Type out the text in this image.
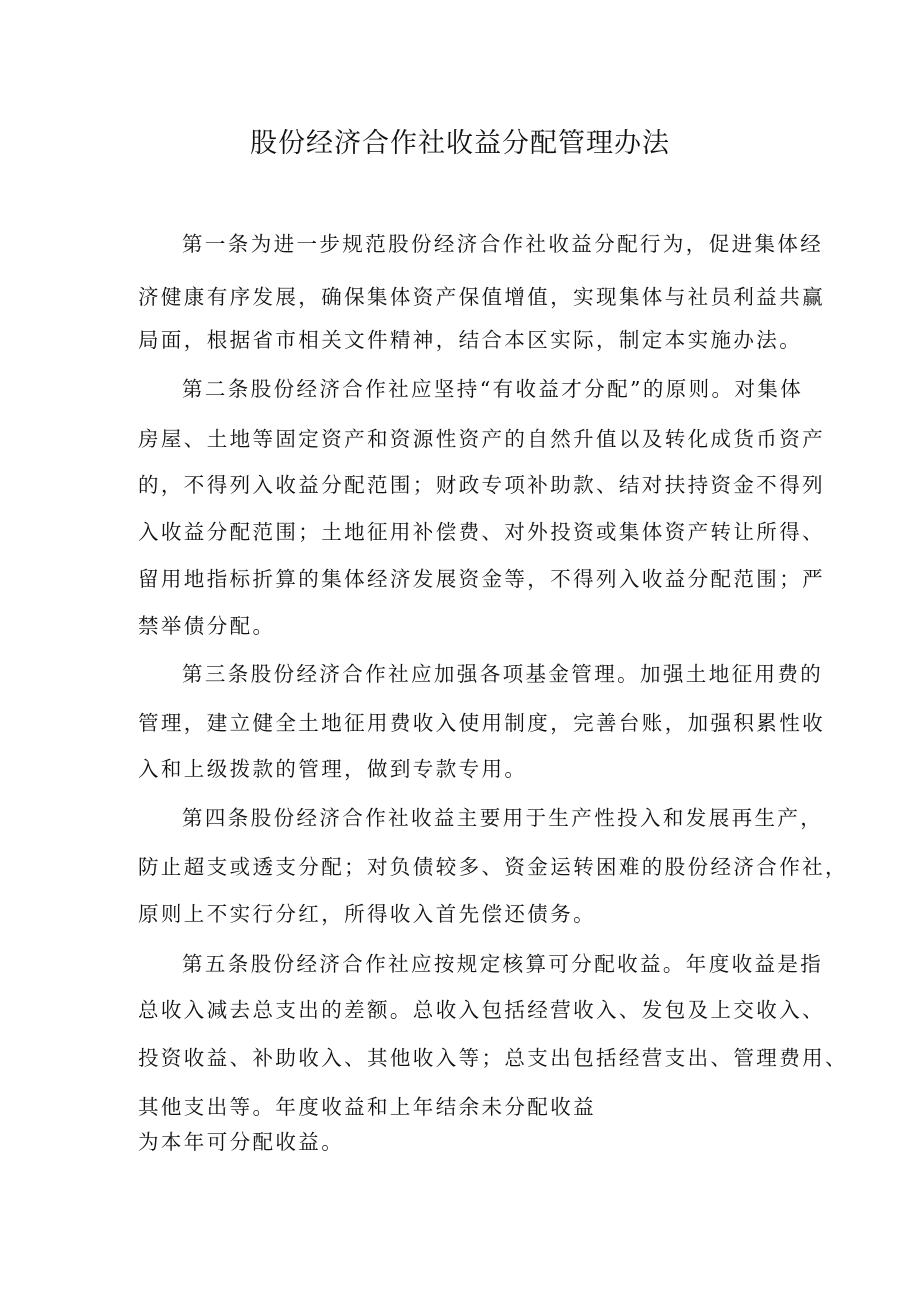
股份经济合作社收益分配管理办法
第一条为进一步规范股份经济合作社收益分配行为，促进集体经
济健康有序发展，确保集体资产保值增值，实现集体与社员利益共赢
局面，根据省市相关文件精神，结合本区实际，制定本实施办法。
第二条股份经济合作社应坚持“有收益才分配”的原则。对集体
房屋、土地等固定资产和资源性资产的自然升值以及转化成货币资产
的，不得列入收益分配范围；财政专项补助款、结对扶持资金不得列
入收益分配范围；土地征用补偿费、对外投资或集体资产转让所得、
留用地指标折算的集体经济发展资金等，不得列入收益分配范围；严
禁举债分配。
第三条股份经济合作社应加强各项基金管理。加强土地征用费的
管理，建立健全土地征用费收入使用制度，完善台账，加强积累性收
入和上级拨款的管理，做到专款专用。
第四条股份经济合作社收益主要用于生产性投入和发展再生产，
防止超支或透支分配；对负债较多、资金运转困难的股份经济合作社，
原则上不实行分红，所得收入首先偿还债务。
第五条股份经济合作社应按规定核算可分配收益。年度收益是指
总收入减去总支出的差额。总收入包括经营收入、发包及上交收入、
投资收益、补助收入、其他收入等；总支出包括经营支出、管理费用、
其他支出等。年度收益和上年结余未分配收益
为本年可分配收益。
